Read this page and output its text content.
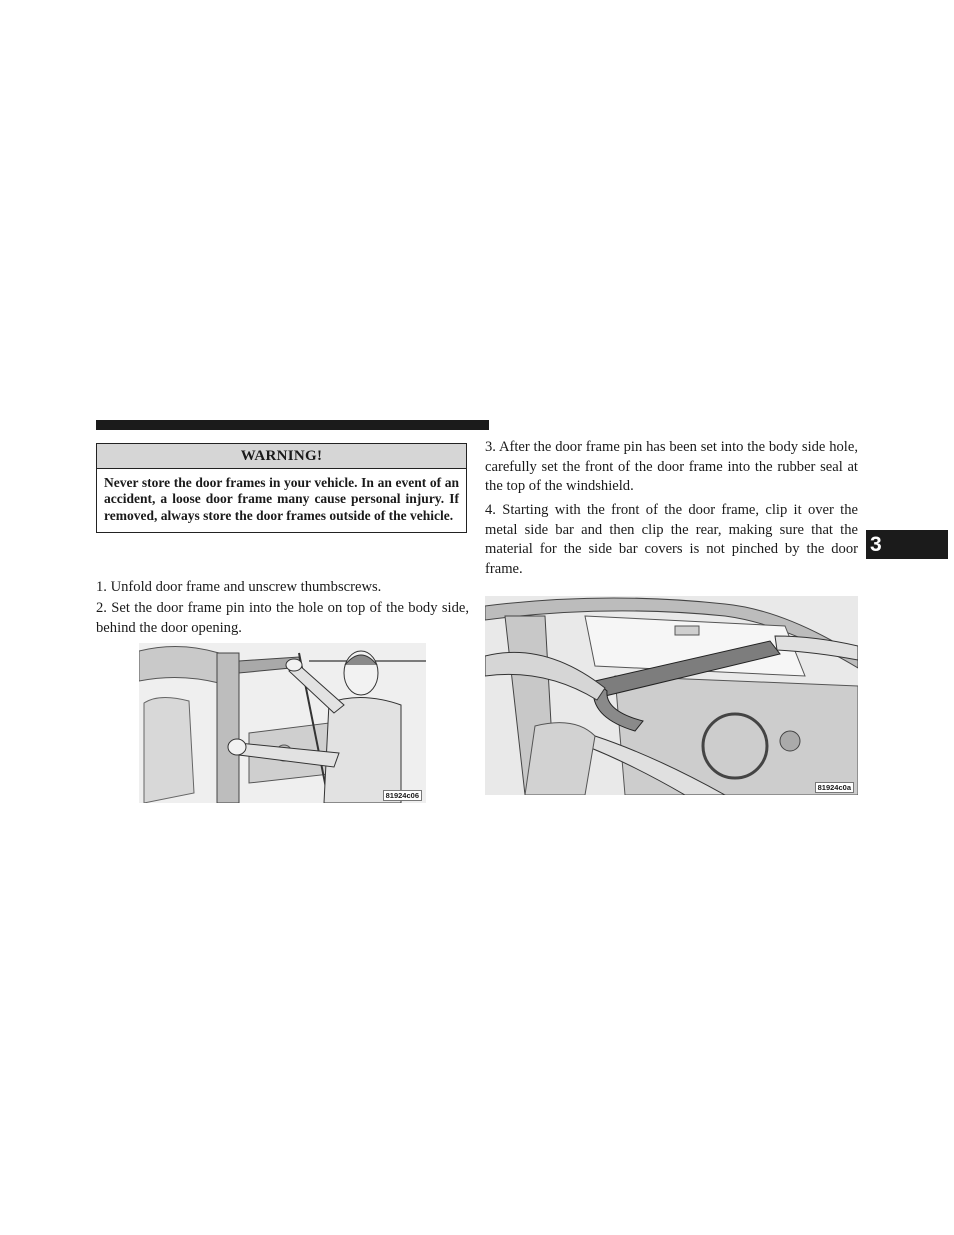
WARNING!
Never store the door frames in your vehicle. In an event of an accident, a loose door frame many cause personal injury. If removed, always store the door frames outside of the vehicle.

1. Unfold door frame and unscrew thumbscrews.

2. Set the door frame pin into the hole on top of the body side, behind the door opening.

81924c06

3. After the door frame pin has been set into the body side hole, carefully set the front of the door frame into the rubber seal at the top of the windshield.

4. Starting with the front of the door frame, clip it over the metal side bar and then clip the rear, making sure that the material for the side bar covers is not pinched by the door frame.

81924c0a
3
